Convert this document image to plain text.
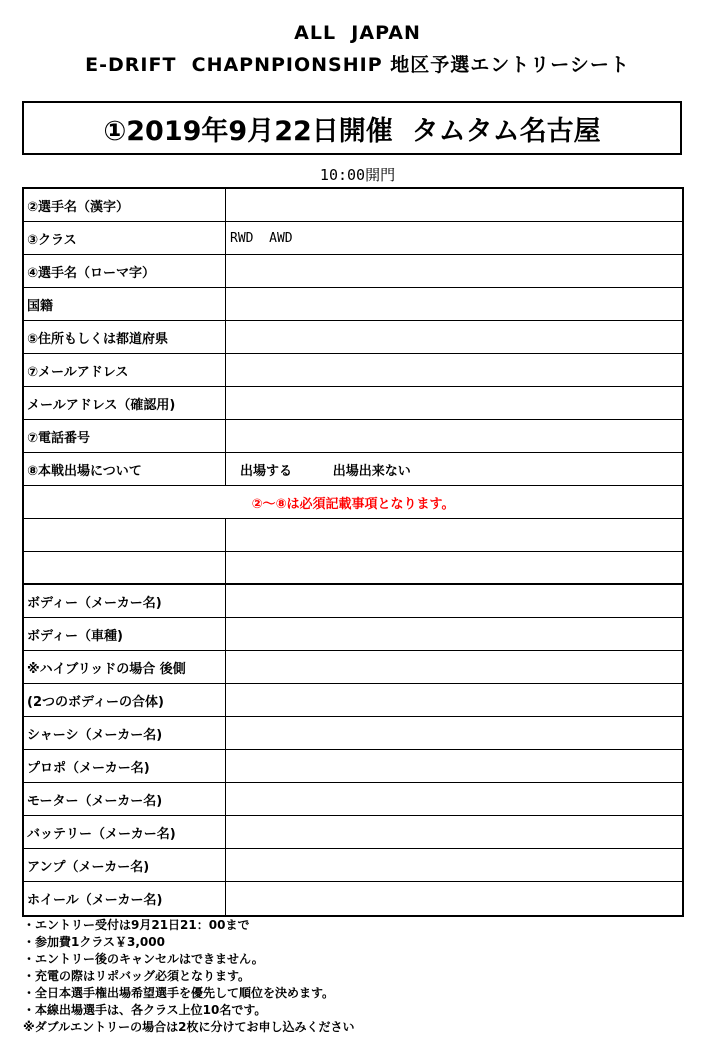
ALL  JAPAN
E-DRIFT  CHAPNPIONSHIP 地区予選エントリーシート
①2019年9月22日開催  タムタム名古屋
10:00開門
②選手名（漢字）
③クラス	RWD  AWD
④選手名（ローマ字）
国籍
⑤住所もしくは都道府県
⑦メールアドレス
メールアドレス（確認用)
⑦電話番号
⑧本戦出場について	出場する         出場出来ない
②～⑧は必須記載事項となります。
ボディー（メーカー名)
ボディー（車種)
※ハイブリッドの場合 後側
(2つのボディーの合体)
シャーシ（メーカー名)
プロポ（メーカー名)
モーター（メーカー名)
バッテリー（メーカー名)
アンプ（メーカー名)
ホイール（メーカー名)
・エントリー受付は9月21日21：00まで
・参加費1クラス￥3,000
・エントリー後のキャンセルはできません。
・充電の際はリポバッグ必須となります。
・全日本選手権出場希望選手を優先して順位を決めます。
・本線出場選手は、各クラス上位10名です。
※ダブルエントリーの場合は2枚に分けてお申し込みください
